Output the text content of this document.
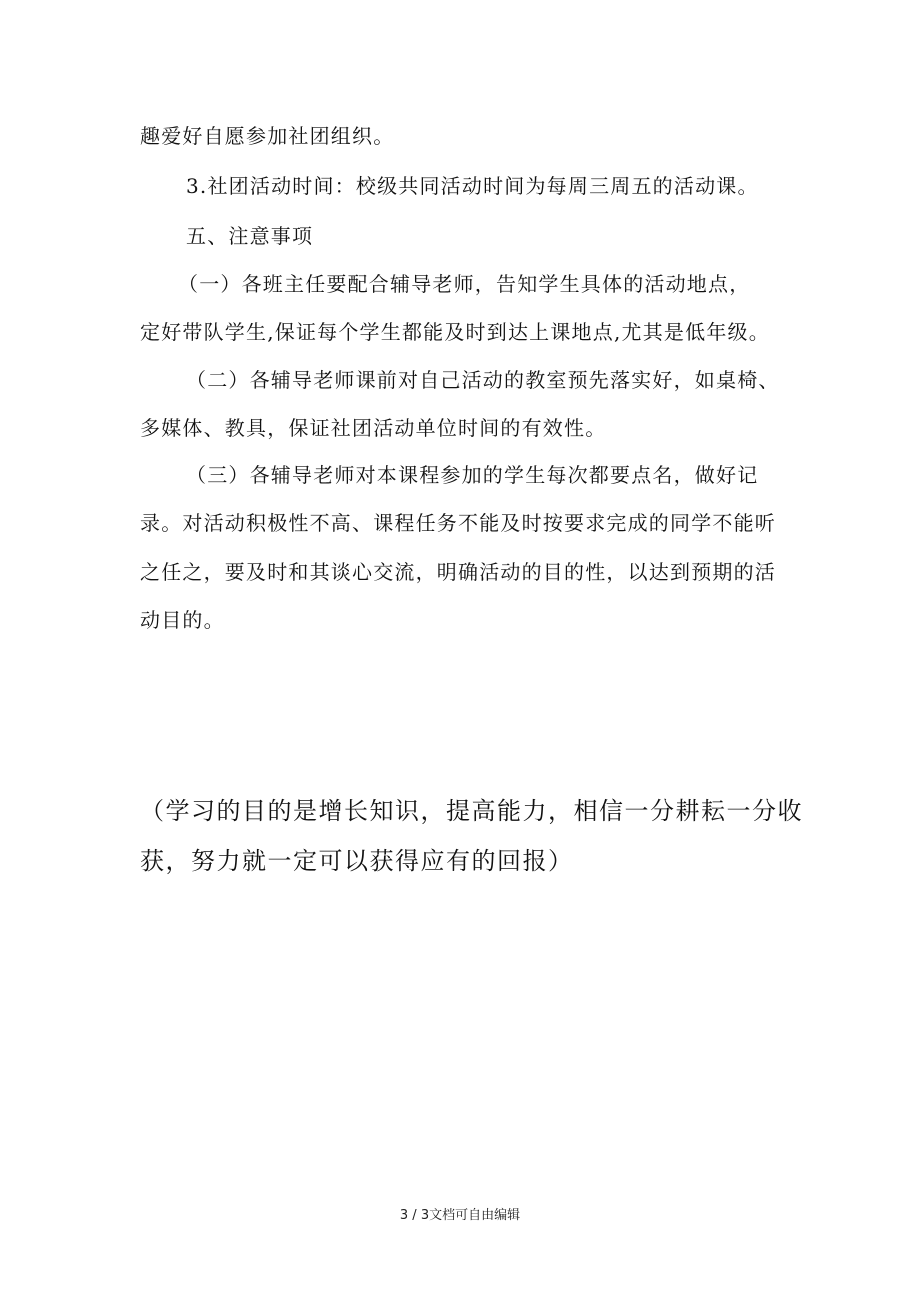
趣爱好自愿参加社团组织。
3.社团活动时间：校级共同活动时间为每周三周五的活动课。
五、注意事项
（一）各班主任要配合辅导老师，告知学生具体的活动地点，
定好带队学生,保证每个学生都能及时到达上课地点,尤其是低年级。
（二）各辅导老师课前对自己活动的教室预先落实好，如桌椅、
多媒体、教具，保证社团活动单位时间的有效性。
（三）各辅导老师对本课程参加的学生每次都要点名，做好记
录。对活动积极性不高、课程任务不能及时按要求完成的同学不能听
之任之，要及时和其谈心交流，明确活动的目的性，以达到预期的活
动目的。
（学习的目的是增长知识，提高能力，相信一分耕耘一分收
获，努力就一定可以获得应有的回报）
3 / 3文档可自由编辑
